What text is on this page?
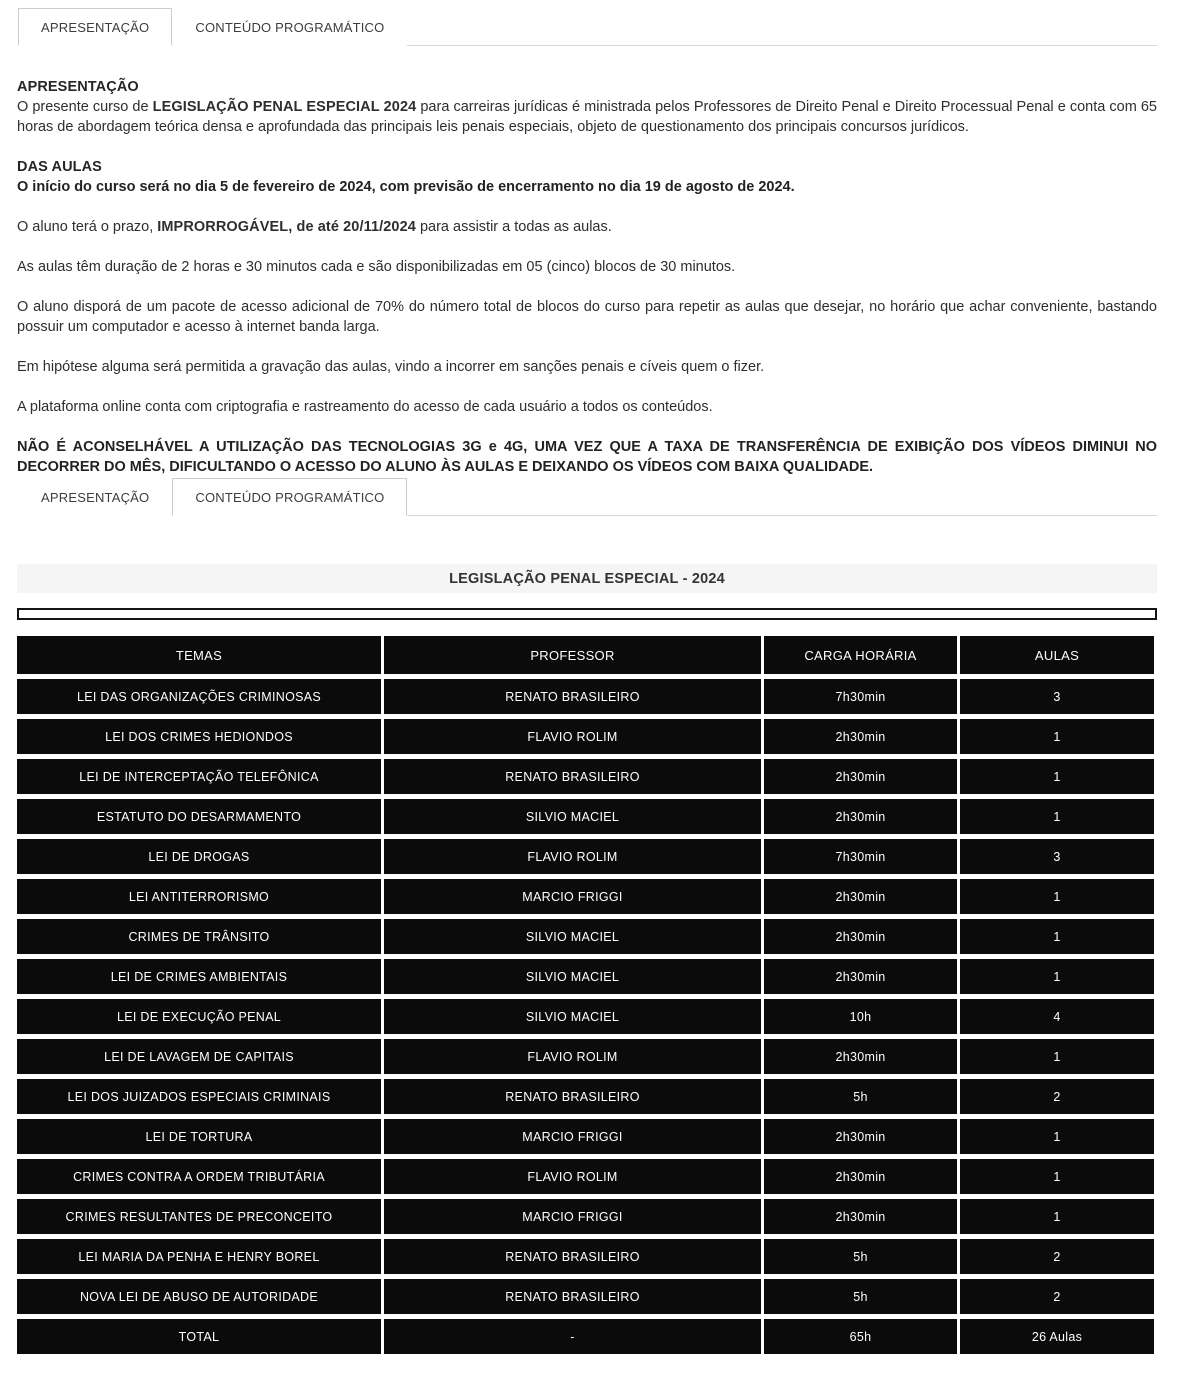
APRESENTAÇÃO	CONTEÚDO PROGRAMÁTICO
APRESENTAÇÃO

O presente curso de LEGISLAÇÃO PENAL ESPECIAL 2024 para carreiras jurídicas é ministrada pelos Professores de Direito Penal e Direito Processual Penal e conta com 65 horas de abordagem teórica densa e aprofundada das principais leis penais especiais, objeto de questionamento dos principais concursos jurídicos.

DAS AULAS

O início do curso será no dia 5 de fevereiro de 2024, com previsão de encerramento no dia 19 de agosto de 2024.

O aluno terá o prazo, IMPRORROGÁVEL, de até 20/11/2024 para assistir a todas as aulas.

As aulas têm duração de 2 horas e 30 minutos cada e são disponibilizadas em 05 (cinco) blocos de 30 minutos.

O aluno disporá de um pacote de acesso adicional de 70% do número total de blocos do curso para repetir as aulas que desejar, no horário que achar conveniente, bastando possuir um computador e acesso à internet banda larga.

Em hipótese alguma será permitida a gravação das aulas, vindo a incorrer em sanções penais e cíveis quem o fizer.

A plataforma online conta com criptografia e rastreamento do acesso de cada usuário a todos os conteúdos.

NÃO É ACONSELHÁVEL A UTILIZAÇÃO DAS TECNOLOGIAS 3G e 4G, UMA VEZ QUE A TAXA DE TRANSFERÊNCIA DE EXIBIÇÃO DOS VÍDEOS DIMINUI NO DECORRER DO MÊS, DIFICULTANDO O ACESSO DO ALUNO ÀS AULAS E DEIXANDO OS VÍDEOS COM BAIXA QUALIDADE.

APRESENTAÇÃO	CONTEÚDO PROGRAMÁTICO
LEGISLAÇÃO PENAL ESPECIAL - 2024
TEMAS	PROFESSOR	CARGA HORÁRIA	AULAS
LEI DAS ORGANIZAÇÕES CRIMINOSAS	RENATO BRASILEIRO	7h30min	3
LEI DOS CRIMES HEDIONDOS	FLAVIO ROLIM	2h30min	1
LEI DE INTERCEPTAÇÃO TELEFÔNICA	RENATO BRASILEIRO	2h30min	1
ESTATUTO DO DESARMAMENTO	SILVIO MACIEL	2h30min	1
LEI DE DROGAS	FLAVIO ROLIM	7h30min	3
LEI ANTITERRORISMO	MARCIO FRIGGI	2h30min	1
CRIMES DE TRÂNSITO	SILVIO MACIEL	2h30min	1
LEI DE CRIMES AMBIENTAIS	SILVIO MACIEL	2h30min	1
LEI DE EXECUÇÃO PENAL	SILVIO MACIEL	10h	4
LEI DE LAVAGEM DE CAPITAIS	FLAVIO ROLIM	2h30min	1
LEI DOS JUIZADOS ESPECIAIS CRIMINAIS	RENATO BRASILEIRO	5h	2
LEI DE TORTURA	MARCIO FRIGGI	2h30min	1
CRIMES CONTRA A ORDEM TRIBUTÁRIA	FLAVIO ROLIM	2h30min	1
CRIMES RESULTANTES DE PRECONCEITO	MARCIO FRIGGI	2h30min	1
LEI MARIA DA PENHA E HENRY BOREL	RENATO BRASILEIRO	5h	2
NOVA LEI DE ABUSO DE AUTORIDADE	RENATO BRASILEIRO	5h	2
TOTAL	-	65h	26 Aulas
